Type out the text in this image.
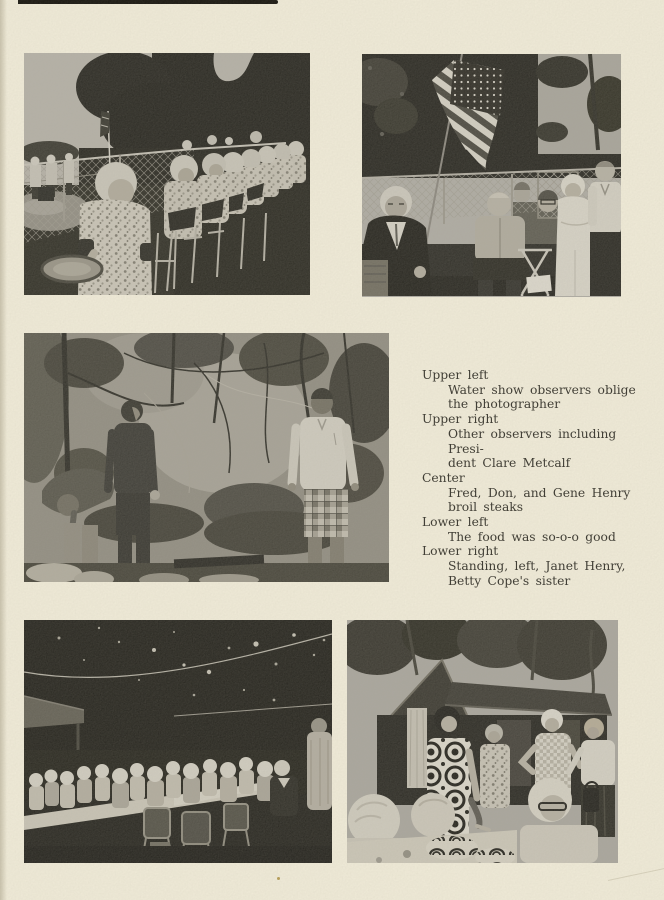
Upper left
Water show observers oblige
the photographer
Upper right
Other observers including Presi-
dent Clare Metcalf
Center
Fred, Don, and Gene Henry
broil steaks
Lower left
The food was so-o-o good
Lower right
Standing, left, Janet Henry,
Betty Cope's sister
